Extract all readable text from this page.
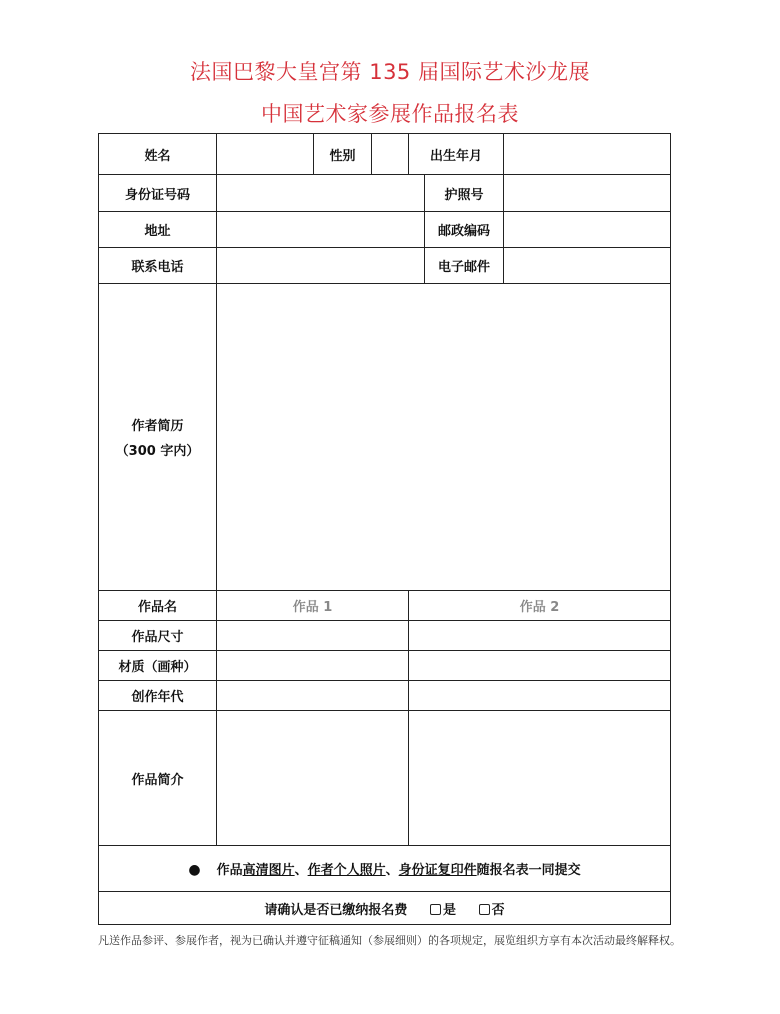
法国巴黎大皇宫第 135 届国际艺术沙龙展
中国艺术家参展作品报名表
姓名		性别		出生年月		
身份证号码					护照号	
地址					邮政编码	
联系电话					电子邮件	
作者简历
（300 字内）						

作品名	作品 1			作品 2		
作品尺寸						
材质（画种）						
创作年代						
作品简介						
● 作品高清图片、作者个人照片、身份证复印件随报名表一同提交						
请确认是否已缴纳报名费 是 否						
凡送作品参评、参展作者，视为已确认并遵守征稿通知（参展细则）的各项规定，展览组织方享有本次活动最终解释权。
